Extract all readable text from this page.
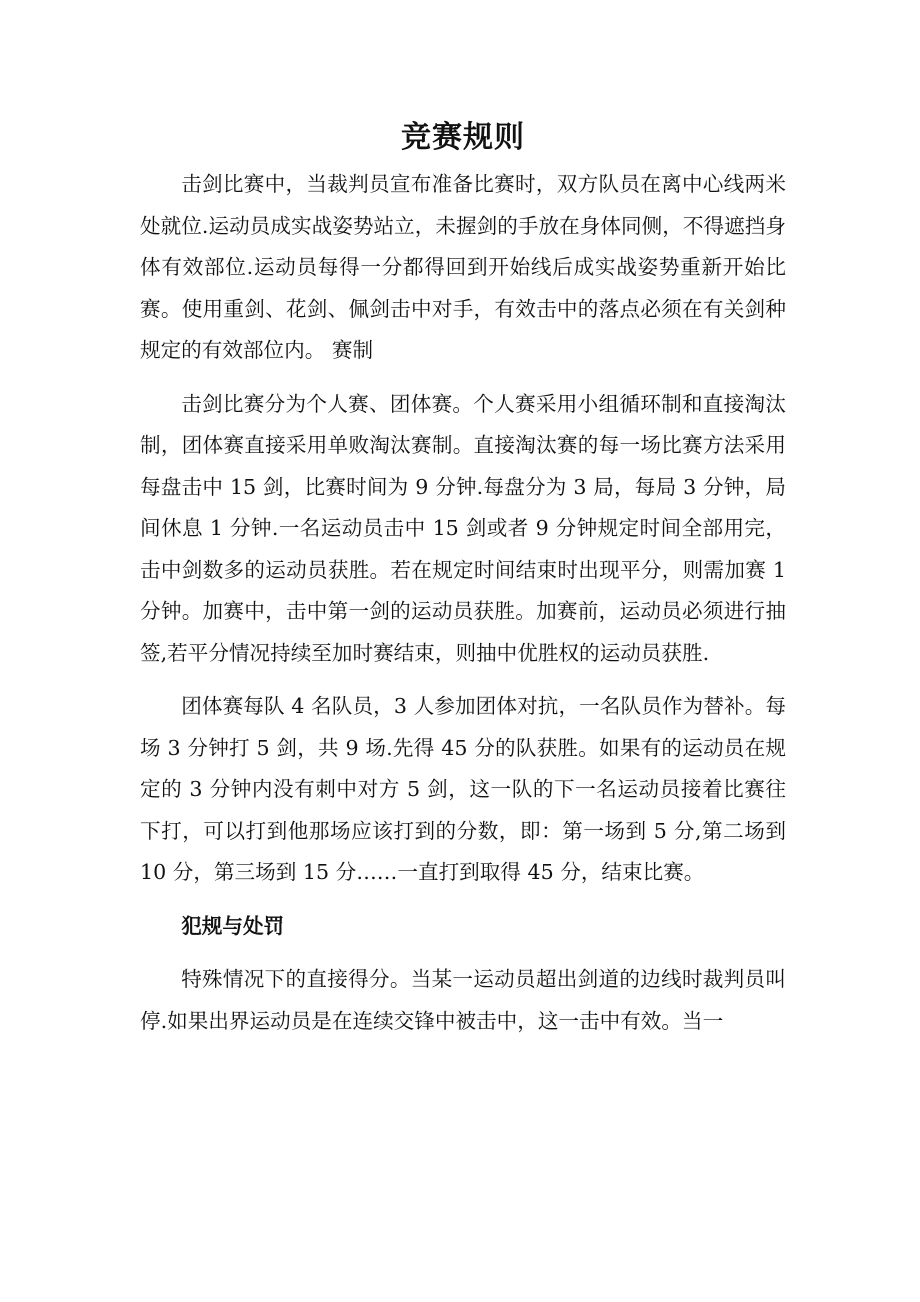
竞赛规则

击剑比赛中，当裁判员宣布准备比赛时，双方队员在离中心线两米处就位.运动员成实战姿势站立，未握剑的手放在身体同侧，不得遮挡身体有效部位.运动员每得一分都得回到开始线后成实战姿势重新开始比赛。使用重剑、花剑、佩剑击中对手，有效击中的落点必须在有关剑种规定的有效部位内。 赛制

击剑比赛分为个人赛、团体赛。个人赛采用小组循环制和直接淘汰制，团体赛直接采用单败淘汰赛制。直接淘汰赛的每一场比赛方法采用每盘击中 15 剑，比赛时间为 9 分钟.每盘分为 3 局，每局 3 分钟，局间休息 1 分钟.一名运动员击中 15 剑或者 9 分钟规定时间全部用完，击中剑数多的运动员获胜。若在规定时间结束时出现平分，则需加赛 1 分钟。加赛中，击中第一剑的运动员获胜。加赛前，运动员必须进行抽签,若平分情况持续至加时赛结束，则抽中优胜权的运动员获胜.

团体赛每队 4 名队员，3 人参加团体对抗，一名队员作为替补。每场 3 分钟打 5 剑，共 9 场.先得 45 分的队获胜。如果有的运动员在规定的 3 分钟内没有刺中对方 5 剑，这一队的下一名运动员接着比赛往下打，可以打到他那场应该打到的分数，即：第一场到 5 分,第二场到 10 分，第三场到 15 分……一直打到取得 45 分，结束比赛。

犯规与处罚

特殊情况下的直接得分。当某一运动员超出剑道的边线时裁判员叫停.如果出界运动员是在连续交锋中被击中，这一击中有效。当一
